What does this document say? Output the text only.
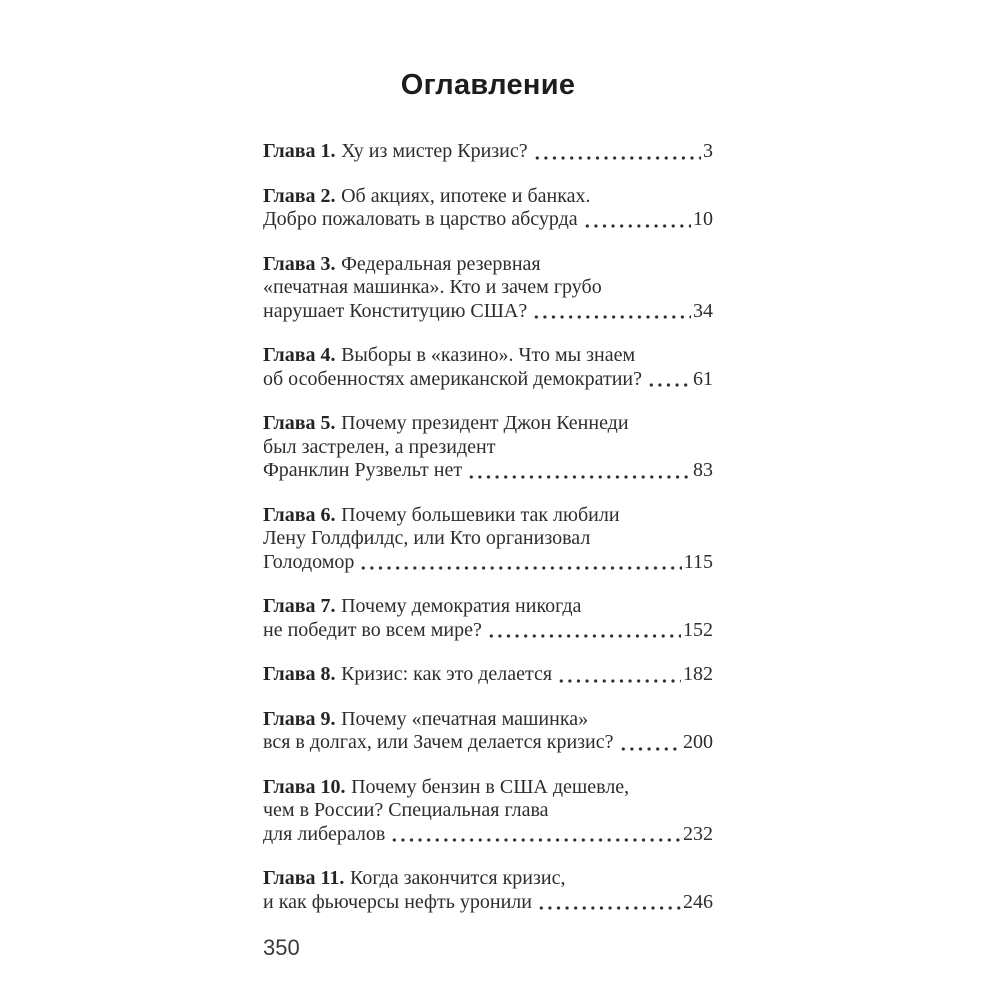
Оглавление
Глава 1. Ху из мистер Кризис?	3
Глава 2. Об акциях, ипотеке и банках.
Добро пожаловать в царство абсурда	10
Глава 3. Федеральная резервная
«печатная машинка». Кто и зачем грубо
нарушает Конституцию США?	34
Глава 4. Выборы в «казино». Что мы знаем
об особенностях американской демократии?	61
Глава 5. Почему президент Джон Кеннеди
был застрелен, а президент
Франклин Рузвельт нет	83
Глава 6. Почему большевики так любили
Лену Голдфилдс, или Кто организовал
Голодомор	115
Глава 7. Почему демократия никогда
не победит во всем мире?	152
Глава 8. Кризис: как это делается	182
Глава 9. Почему «печатная машинка»
вся в долгах, или Зачем делается кризис?	200
Глава 10. Почему бензин в США дешевле,
чем в России? Специальная глава
для либералов	232
Глава 11. Когда закончится кризис,
и как фьючерсы нефть уронили	246
350
